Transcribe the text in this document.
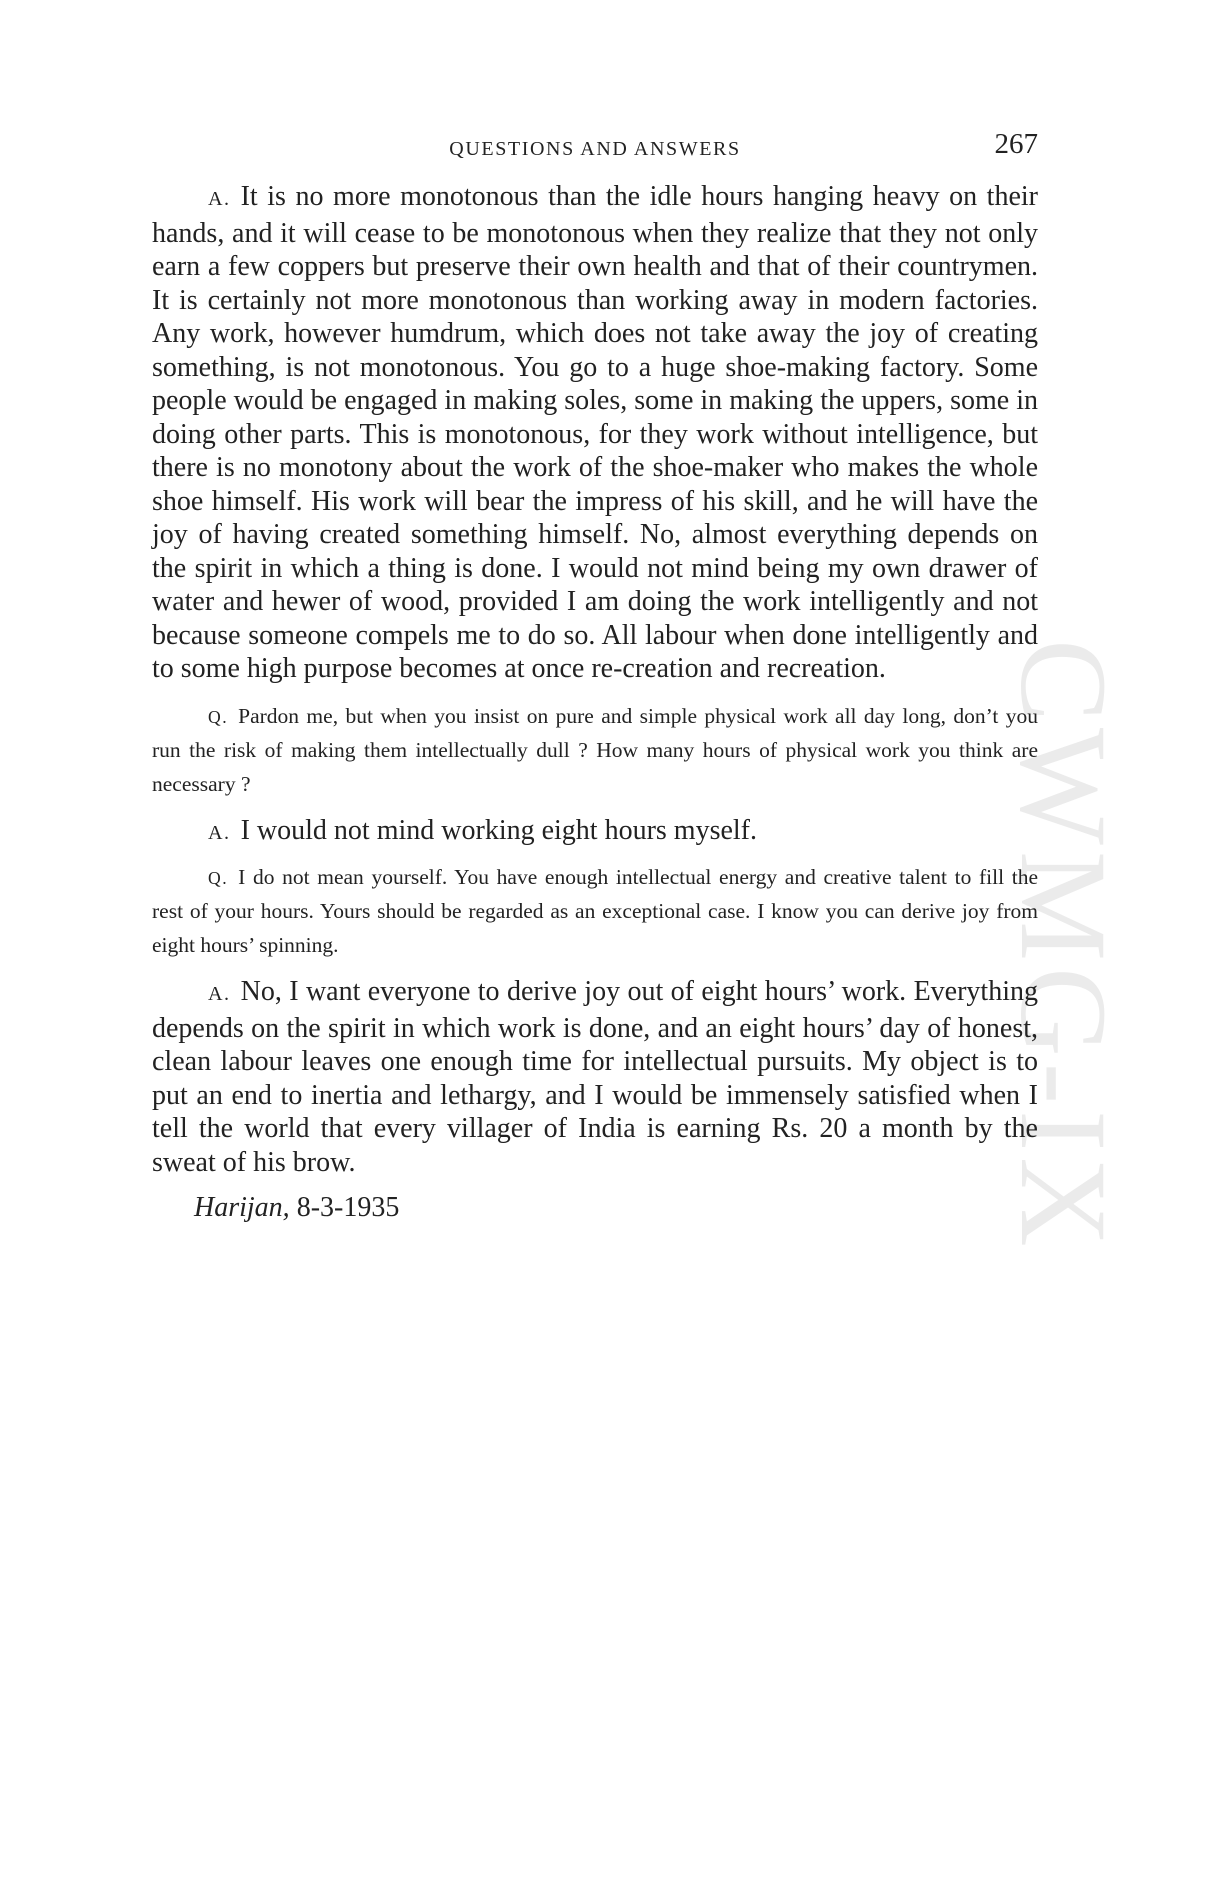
CWMG-IX
QUESTIONS AND ANSWERS	267

A. It is no more monotonous than the idle hours hanging heavy on their hands, and it will cease to be monotonous when they realize that they not only earn a few coppers but preserve their own health and that of their countrymen. It is certainly not more monotonous than working away in modern factories. Any work, however humdrum, which does not take away the joy of creating something, is not monotonous. You go to a huge shoe-making factory. Some people would be engaged in making soles, some in making the uppers, some in doing other parts. This is monotonous, for they work without intelligence, but there is no monotony about the work of the shoe-maker who makes the whole shoe himself. His work will bear the impress of his skill, and he will have the joy of having created something himself. No, almost everything depends on the spirit in which a thing is done. I would not mind being my own drawer of water and hewer of wood, provided I am doing the work intelligently and not because someone compels me to do so. All labour when done intelligently and to some high purpose becomes at once re-creation and recreation.

Q. Pardon me, but when you insist on pure and simple physical work all day long, don’t you run the risk of making them intellectually dull ? How many hours of physical work you think are necessary ?

A. I would not mind working eight hours myself.

Q. I do not mean yourself. You have enough intellectual energy and creative talent to fill the rest of your hours. Yours should be regarded as an exceptional case. I know you can derive joy from eight hours’ spinning.

A. No, I want everyone to derive joy out of eight hours’ work. Everything depends on the spirit in which work is done, and an eight hours’ day of honest, clean labour leaves one enough time for intellectual pursuits. My object is to put an end to inertia and lethargy, and I would be immensely satisfied when I tell the world that every villager of India is earning Rs. 20 a month by the sweat of his brow.

Harijan, 8-3-1935
